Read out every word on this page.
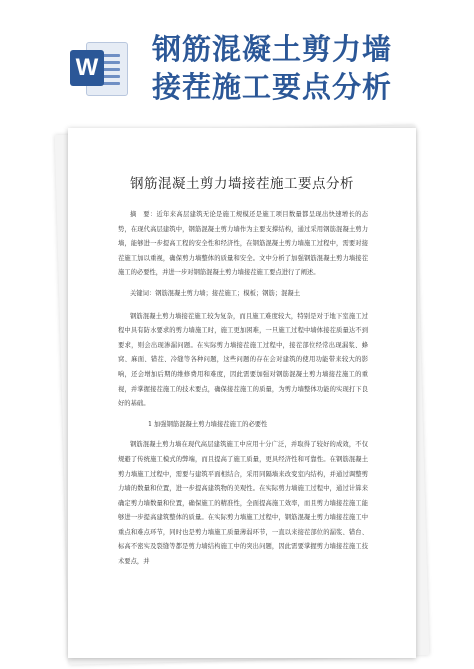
W
钢筋混凝土剪力墙
接茬施工要点分析
钢筋混凝土剪力墙接茬施工要点分析

摘　要：近年来高层建筑无论是施工规模还是施工项目数量都呈现出快速增长的态势，在现代高层建筑中，钢筋混凝土剪力墙作为主要支撑结构，通过采用钢筋混凝土剪力墙，能够进一步提高工程的安全性和经济性，在钢筋混凝土剪力墙施工过程中，需要对接茬施工加以重视，确保剪力墙整体的质量和安全。文中分析了加强钢筋混凝土剪力墙接茬施工的必要性，并进一步对钢筋混凝土剪力墙接茬施工要点进行了阐述。

关键词：钢筋混凝土剪力墙；接茬施工；模板；钢筋；混凝土

钢筋混凝土剪力墙接茬施工较为复杂，而且施工难度较大，特别是对于地下室施工过程中具有防水要求的剪力墙施工时，施工更加困难，一旦施工过程中墙体接茬质量达不到要求，则会出现渗漏问题。在实际剪力墙接茬施工过程中，接茬部位经常出现漏浆、蜂窝、麻面、错茬、冷缝等各种问题，这些问题的存在会对建筑的使用功能带来较大的影响，还会增加后期的维修费用和难度，因此需要加强对钢筋混凝土剪力墙接茬施工的重视，并掌握接茬施工的技术要点，确保接茬施工的质量，为剪力墙整体功能的实现打下良好的基础。

1 加强钢筋混凝土剪力墙接茬施工的必要性

钢筋混凝土剪力墙在现代高层建筑施工中应用十分广泛，并取得了较好的成效，不仅规避了传统施工模式的弊端，而且提高了施工质量，更具经济性和可靠性。在钢筋混凝土剪力墙施工过程中，需要与建筑平面相结合，采用同隔墙来改变室内结构，并通过调整剪力墙的数量和位置，进一步提高建筑物的美观性。在实际剪力墙施工过程中，通过计算来确定剪力墙数量和位置，确保施工的精准性，全面提高施工效率，而且剪力墙接茬施工能够进一步提高建筑整体的质量。在实际剪力墙施工过程中，钢筋混凝土剪力墙接茬施工中重点和难点环节，同时也是剪力墙施工质量薄弱环节，一直以来接茬部位的漏浆、错台、标高不密实及裂缝等都是剪力墙结构施工中的突出问题，因此需要掌握剪力墙接茬施工技术要点，并
